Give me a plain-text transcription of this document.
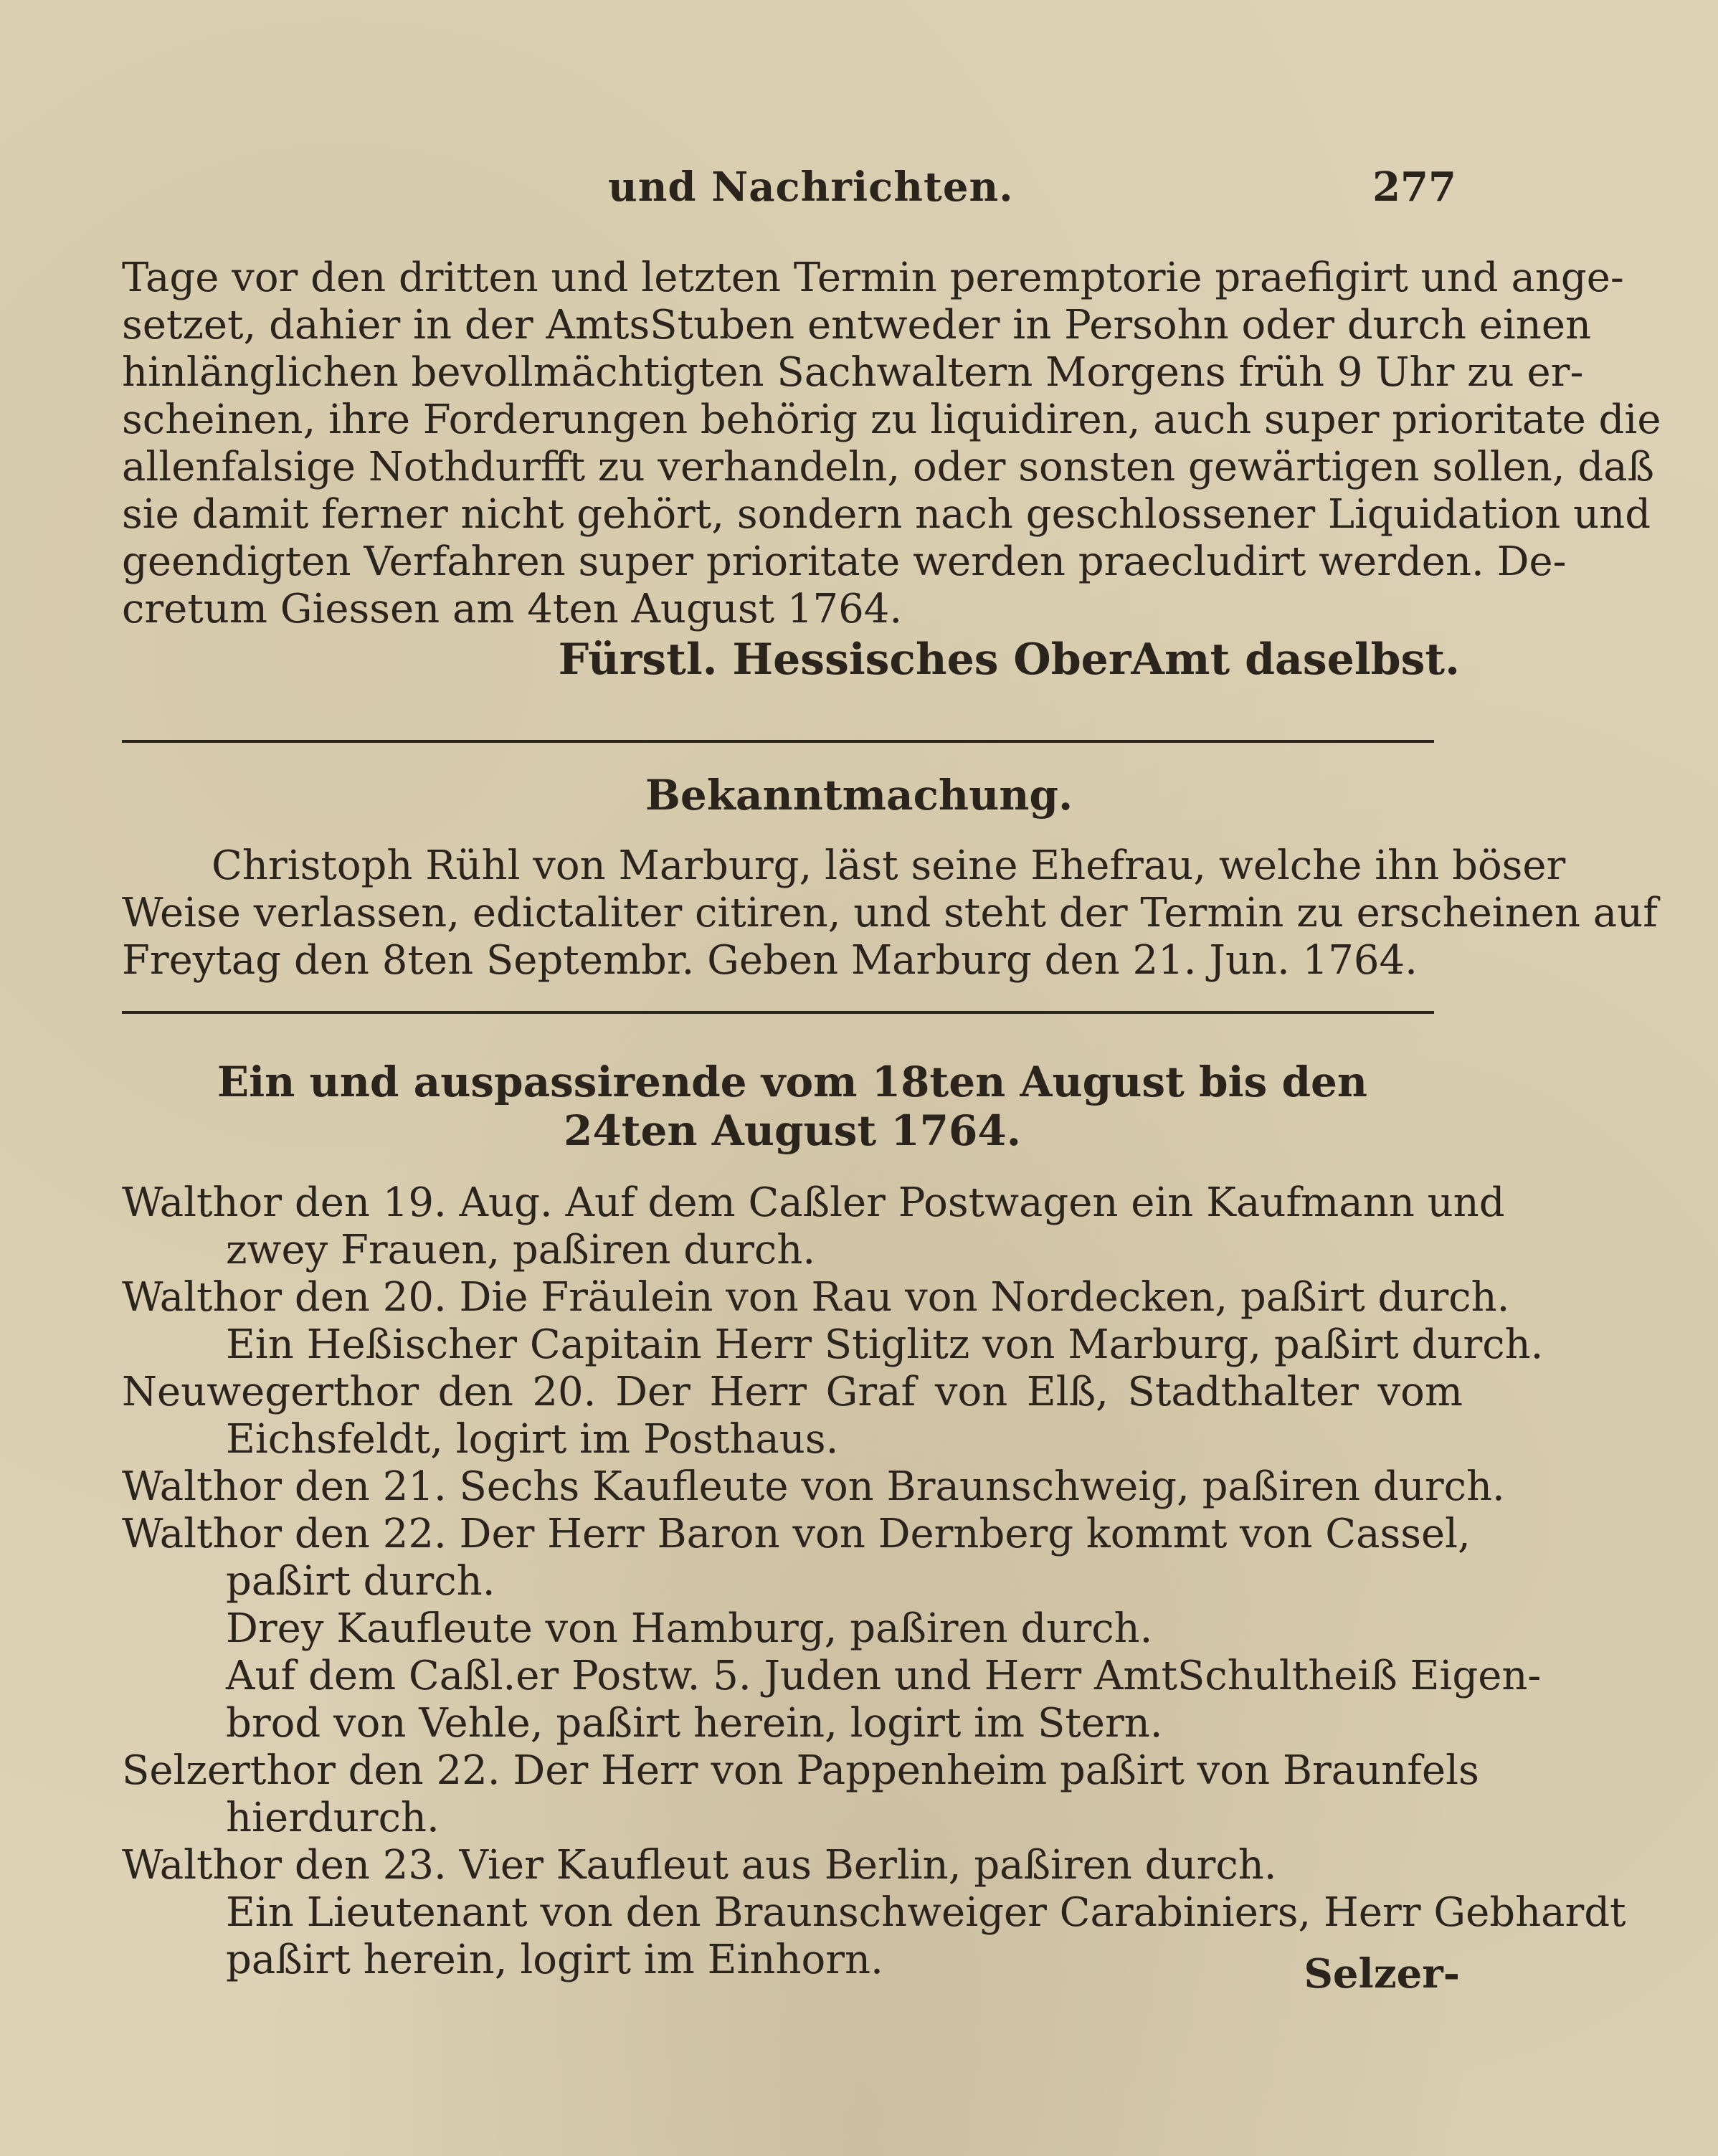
und Nachrichten.	277
Tage vor den dritten und letzten Termin peremptorie praefigirt und ange-
setzet, dahier in der AmtsStuben entweder in Persohn oder durch einen
hinlänglichen bevollmächtigten Sachwaltern Morgens früh 9 Uhr zu er-
scheinen, ihre Forderungen behörig zu liquidiren, auch super prioritate die
allenfalsige Nothdurfft zu verhandeln, oder sonsten gewärtigen sollen, daß
sie damit ferner nicht gehört, sondern nach geschlossener Liquidation und
geendigten Verfahren super prioritate werden praecludirt werden. De-
cretum Giessen am 4ten August 1764.
Fürstl. Hessisches OberAmt daselbst.
Bekanntmachung.
Christoph Rühl von Marburg, läst seine Ehefrau, welche ihn böser
Weise verlassen, edictaliter citiren, und steht der Termin zu erscheinen auf
Freytag den 8ten Septembr. Geben Marburg den 21. Jun. 1764.
Ein und auspassirende vom 18ten August bis den
24ten August 1764.
Walthor den 19. Aug. Auf dem Caßler Postwagen ein Kaufmann und
zwey Frauen, paßiren durch.
Walthor den 20. Die Fräulein von Rau von Nordecken, paßirt durch.
Ein Heßischer Capitain Herr Stiglitz von Marburg, paßirt durch.
Neuwegerthor den 20. Der Herr Graf von Elß, Stadthalter vom
Eichsfeldt, logirt im Posthaus.
Walthor den 21. Sechs Kaufleute von Braunschweig, paßiren durch.
Walthor den 22. Der Herr Baron von Dernberg kommt von Cassel,
paßirt durch.
Drey Kaufleute von Hamburg, paßiren durch.
Auf dem Caßl.er Postw. 5. Juden und Herr AmtSchultheiß Eigen-
brod von Vehle, paßirt herein, logirt im Stern.
Selzerthor den 22. Der Herr von Pappenheim paßirt von Braunfels
hierdurch.
Walthor den 23. Vier Kaufleut aus Berlin, paßiren durch.
Ein Lieutenant von den Braunschweiger Carabiniers, Herr Gebhardt
paßirt herein, logirt im Einhorn.	Selzer-
